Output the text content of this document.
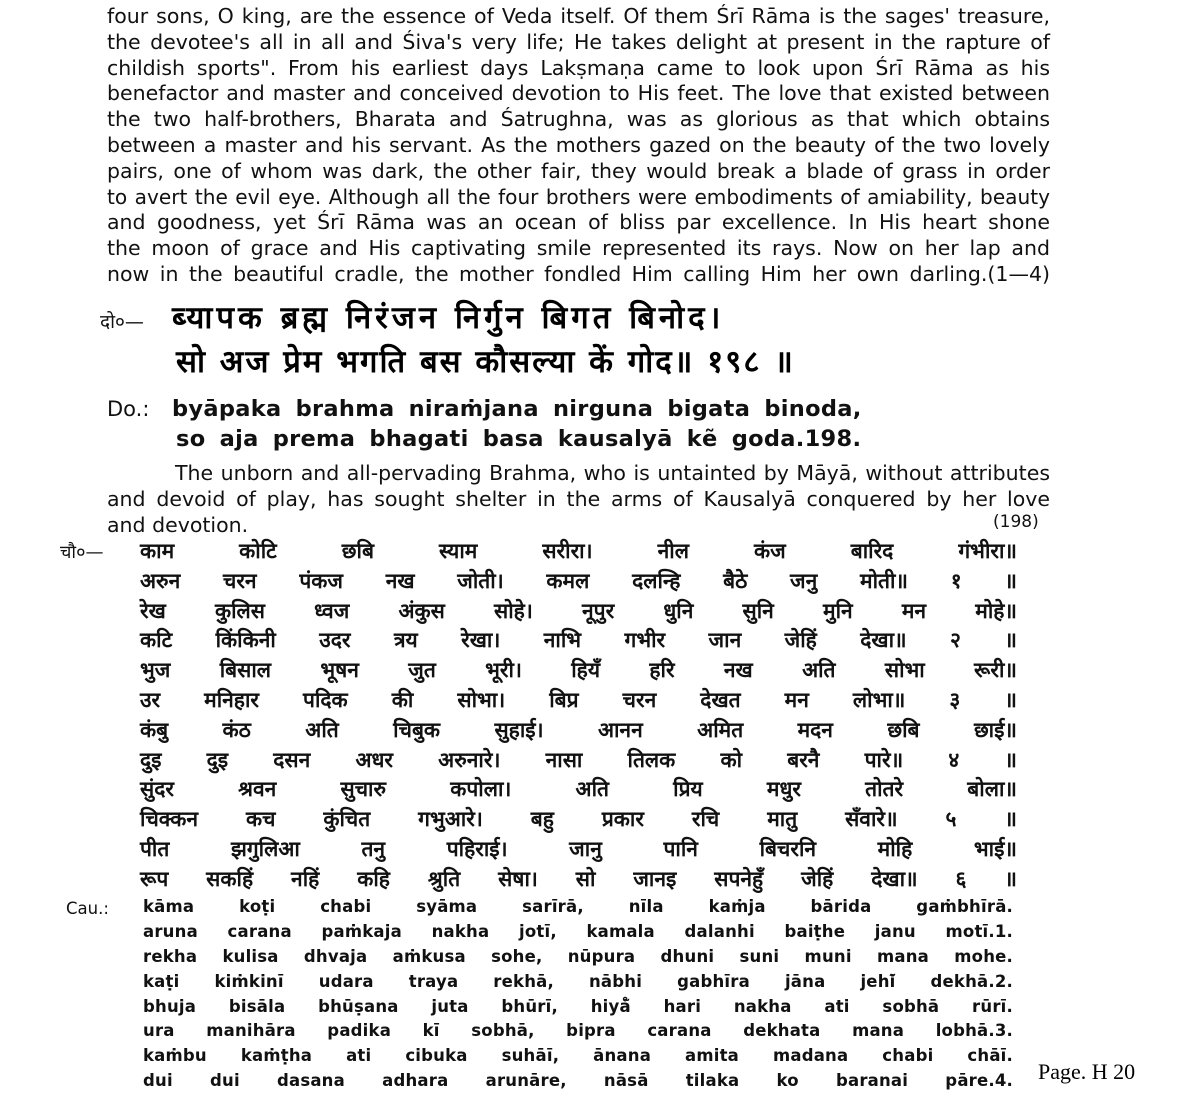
four sons, O king, are the essence of Veda itself. Of them Śrī Rāma is the sages' treasure,
the devotee's all in all and Śiva's very life; He takes delight at present in the rapture of
childish sports". From his earliest days Lakṣmaṇa came to look upon Śrī Rāma as his
benefactor and master and conceived devotion to His feet. The love that existed between
the two half-brothers, Bharata and Śatrughna, was as glorious as that which obtains
between a master and his servant. As the mothers gazed on the beauty of the two lovely
pairs, one of whom was dark, the other fair, they would break a blade of grass in order
to avert the evil eye. Although all the four brothers were embodiments of amiability, beauty
and goodness, yet Śrī Rāma was an ocean of bliss par excellence. In His heart shone
the moon of grace and His captivating smile represented its rays. Now on her lap and
now in the beautiful cradle, the mother fondled Him calling Him her own darling.(1—4)
दो०— ब्यापक ब्रह्म निरंजन निर्गुन बिगत बिनोद।
सो अज प्रेम भगति बस कौसल्या कें गोद॥ १९८ ॥
Do.: byāpaka brahma niraṁjana nirguna bigata binoda,
so aja prema bhagati basa kausalyā kẽ goda.198.
The unborn and all-pervading Brahma, who is untainted by Māyā, without attributes
and devoid of play, has sought shelter in the arms of Kausalyā conquered by her love
and devotion.	(198)
चौ०— काम कोटि छबि स्याम सरीरा। नील कंज बारिद गंभीरा॥
अरुन चरन पंकज नख जोती। कमल दलन्हि बैठे जनु मोती॥ १ ॥
रेख कुलिस ध्वज अंकुस सोहे। नूपुर धुनि सुनि मुनि मन मोहे॥
कटि किंकिनी उदर त्रय रेखा। नाभि गभीर जान जेहिं देखा॥ २ ॥
भुज बिसाल भूषन जुत भूरी। हियँ हरि नख अति सोभा रूरी॥
उर मनिहार पदिक की सोभा। बिप्र चरन देखत मन लोभा॥ ३ ॥
कंबु कंठ अति चिबुक सुहाई। आनन अमित मदन छबि छाई॥
दुइ दुइ दसन अधर अरुनारे। नासा तिलक को बरनै पारे॥ ४ ॥
सुंदर श्रवन सुचारु कपोला। अति प्रिय मधुर तोतरे बोला॥
चिक्कन कच कुंचित गभुआरे। बहु प्रकार रचि मातु सँवारे॥ ५ ॥
पीत झगुलिआ तनु पहिराई। जानु पानि बिचरनि मोहि भाई॥
रूप सकहिं नहिं कहि श्रुति सेषा। सो जानइ सपनेहुँ जेहिं देखा॥ ६ ॥
Cau.: kāma koṭi chabi syāma sarīrā, nīla kaṁja bārida gaṁbhīrā.
aruna carana paṁkaja nakha jotī, kamala dalanhi baiṭhe janu motī.1.
rekha kulisa dhvaja aṁkusa sohe, nūpura dhuni suni muni mana mohe.
kaṭi kiṁkinī udara traya rekhā, nābhi gabhīra jāna jehi̇̃ dekhā.2.
bhuja bisāla bhūṣana juta bhūrī, hiyå̃ hari nakha ati sobhā rūrī.
ura manihāra padika kī sobhā, bipra carana dekhata mana lobhā.3.
kaṁbu kaṁṭha ati cibuka suhāī, ānana amita madana chabi chāī.
dui dui dasana adhara arunāre, nāsā tilaka ko baranai pāre.4. Page. H 20
